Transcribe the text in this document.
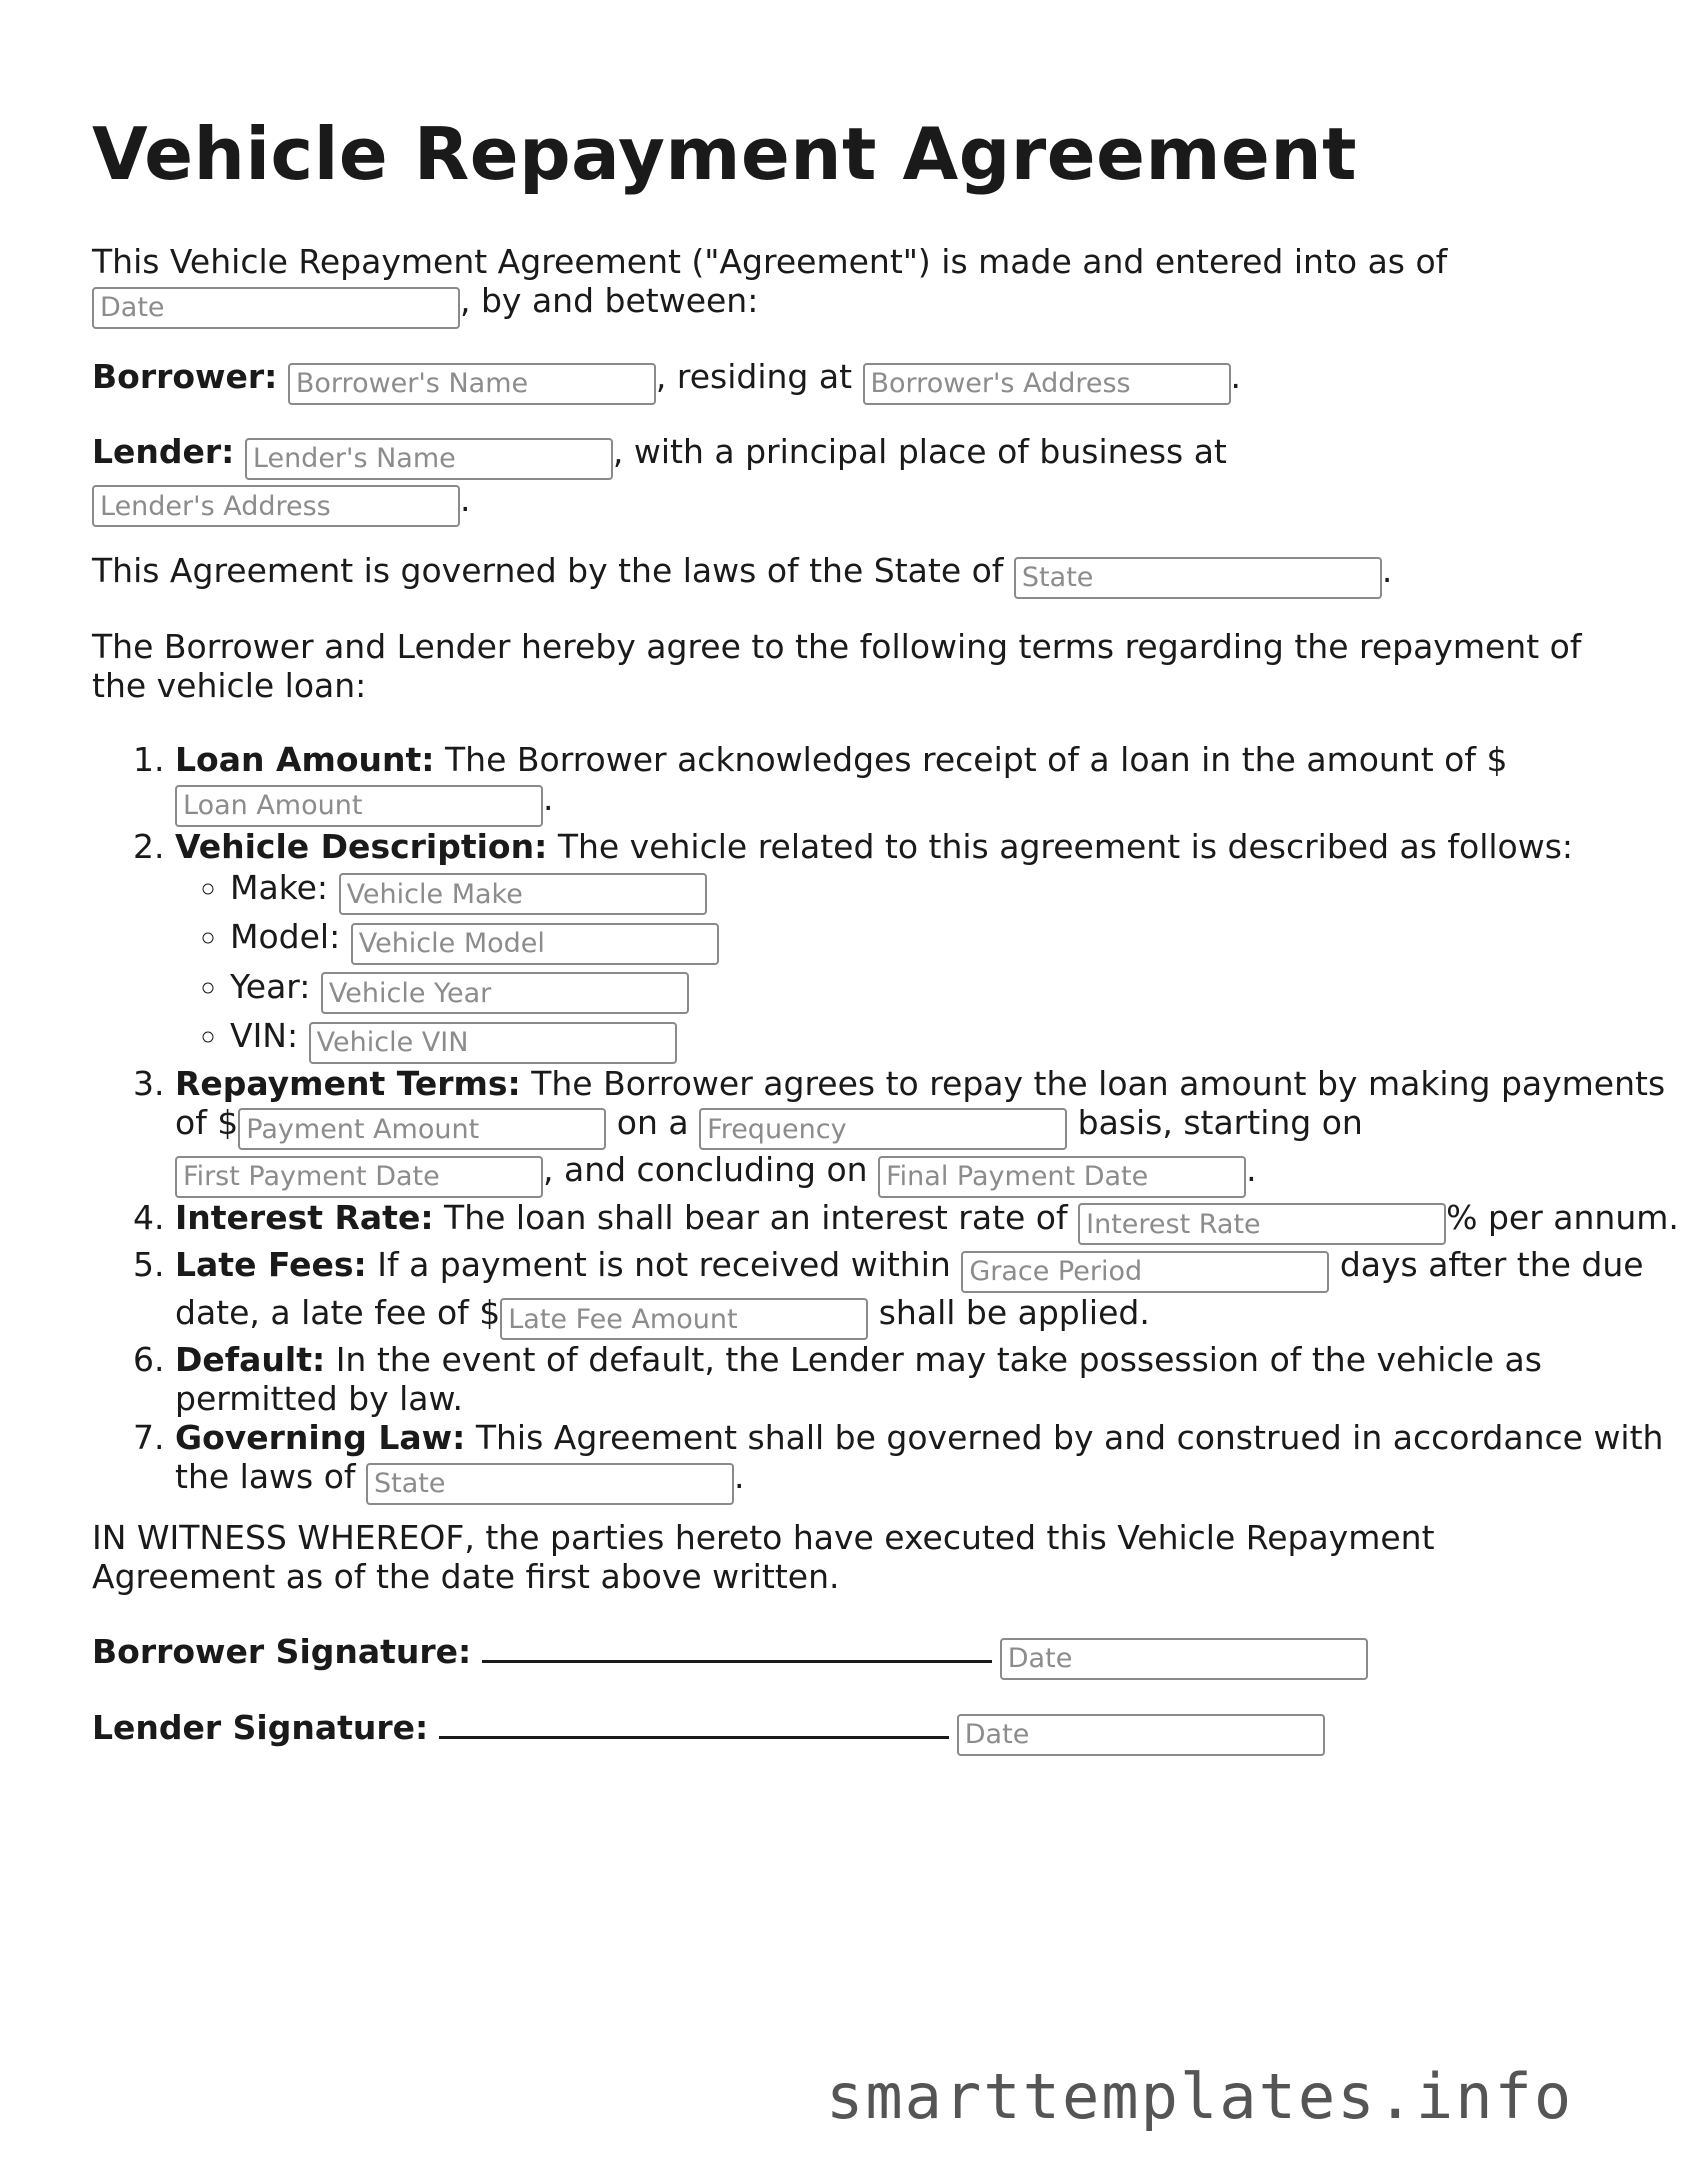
Vehicle Repayment Agreement

This Vehicle Repayment Agreement ("Agreement") is made and entered into as of
Date, by and between:

Borrower: Borrower's Name	, residing at Borrower's Address	.

Lender: Lender's Name	, with a principal place of business at
Lender's Address.

This Agreement is governed by the laws of the State of State	.

The Borrower and Lender hereby agree to the following terms regarding the repayment of the vehicle loan:

1. Loan Amount: The Borrower acknowledges receipt of a loan in the amount of $
Loan Amount.
2. Vehicle Description: The vehicle related to this agreement is described as follows:
◦ Make: Vehicle Make
◦ Model: Vehicle Model
◦ Year: Vehicle Year
◦ VIN: Vehicle VIN
3. Repayment Terms: The Borrower agrees to repay the loan amount by making payments of $Payment Amount	on a Frequency	basis, starting on First Payment Date, and concluding on Final Payment Date	.
4. Interest Rate: The loan shall bear an interest rate of Interest Rate	% per annum.
5. Late Fees: If a payment is not received within Grace Period	days after the due date, a late fee of $Late Fee Amount	shall be applied.
6. Default: In the event of default, the Lender may take possession of the vehicle as permitted by law.
7. Governing Law: This Agreement shall be governed by and construed in accordance with the laws of State	.

IN WITNESS WHEREOF, the parties hereto have executed this Vehicle Repayment Agreement as of the date first above written.

Borrower Signature: Date

Lender Signature: Date

smarttemplates.info
